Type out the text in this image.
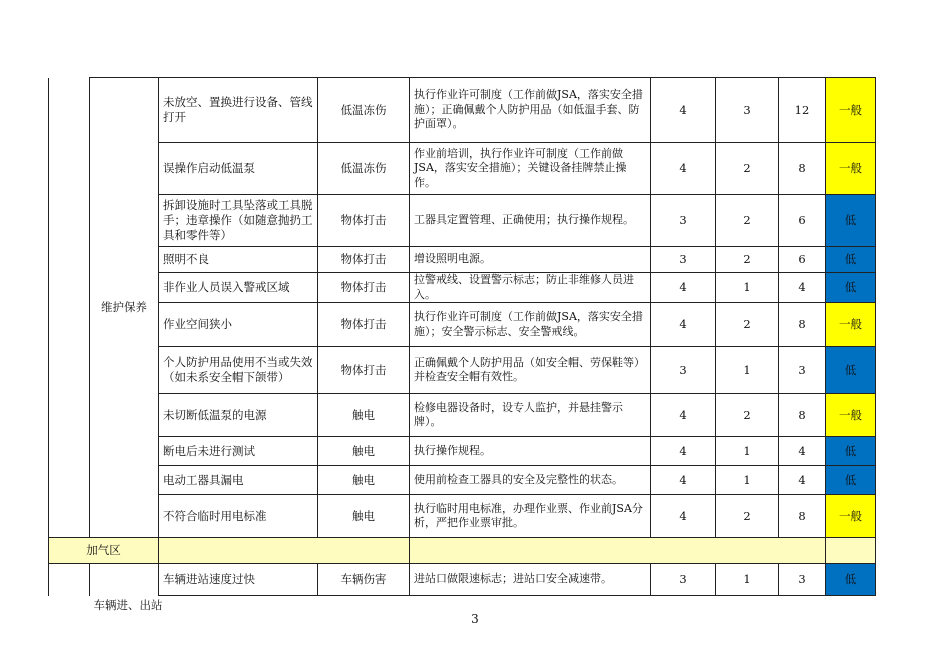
	维护保养	未放空、置换进行设备、管线打开	低温冻伤	执行作业许可制度（工作前做JSA，落实安全措施）；正确佩戴个人防护用品（如低温手套、防护面罩）。	4	3	12	一般
		误操作启动低温泵	低温冻伤	作业前培训，执行作业许可制度（工作前做JSA，落实安全措施）；关键设备挂牌禁止操作。	4	2	8	一般
		拆卸设施时工具坠落或工具脱手；违章操作（如随意抛扔工具和零件等）	物体打击	工器具定置管理、正确使用；执行操作规程。	3	2	6	低
		照明不良	物体打击	增设照明电源。	3	2	6	低
		非作业人员误入警戒区域	物体打击	拉警戒线、设置警示标志；防止非维修人员进入。	4	1	4	低
		作业空间狭小	物体打击	执行作业许可制度（工作前做JSA，落实安全措施）；安全警示标志、安全警戒线。	4	2	8	一般
		个人防护用品使用不当或失效（如未系安全帽下颌带）	物体打击	正确佩戴个人防护用品（如安全帽、劳保鞋等）并检查安全帽有效性。	3	1	3	低
		未切断低温泵的电源	触电	检修电器设备时，设专人监护，并悬挂警示牌）。	4	2	8	一般
		断电后未进行测试	触电	执行操作规程。	4	1	4	低
		电动工器具漏电	触电	使用前检查工器具的安全及完整性的状态。	4	1	4	低
		不符合临时用电标准	触电	执行临时用电标准，办理作业票、作业前JSA分析，严把作业票审批。	4	2	8	一般
加气区								
		车辆进站速度过快	车辆伤害	进站口做限速标志；进站口安全减速带。	3	1	3	低
车辆进、出站
3
